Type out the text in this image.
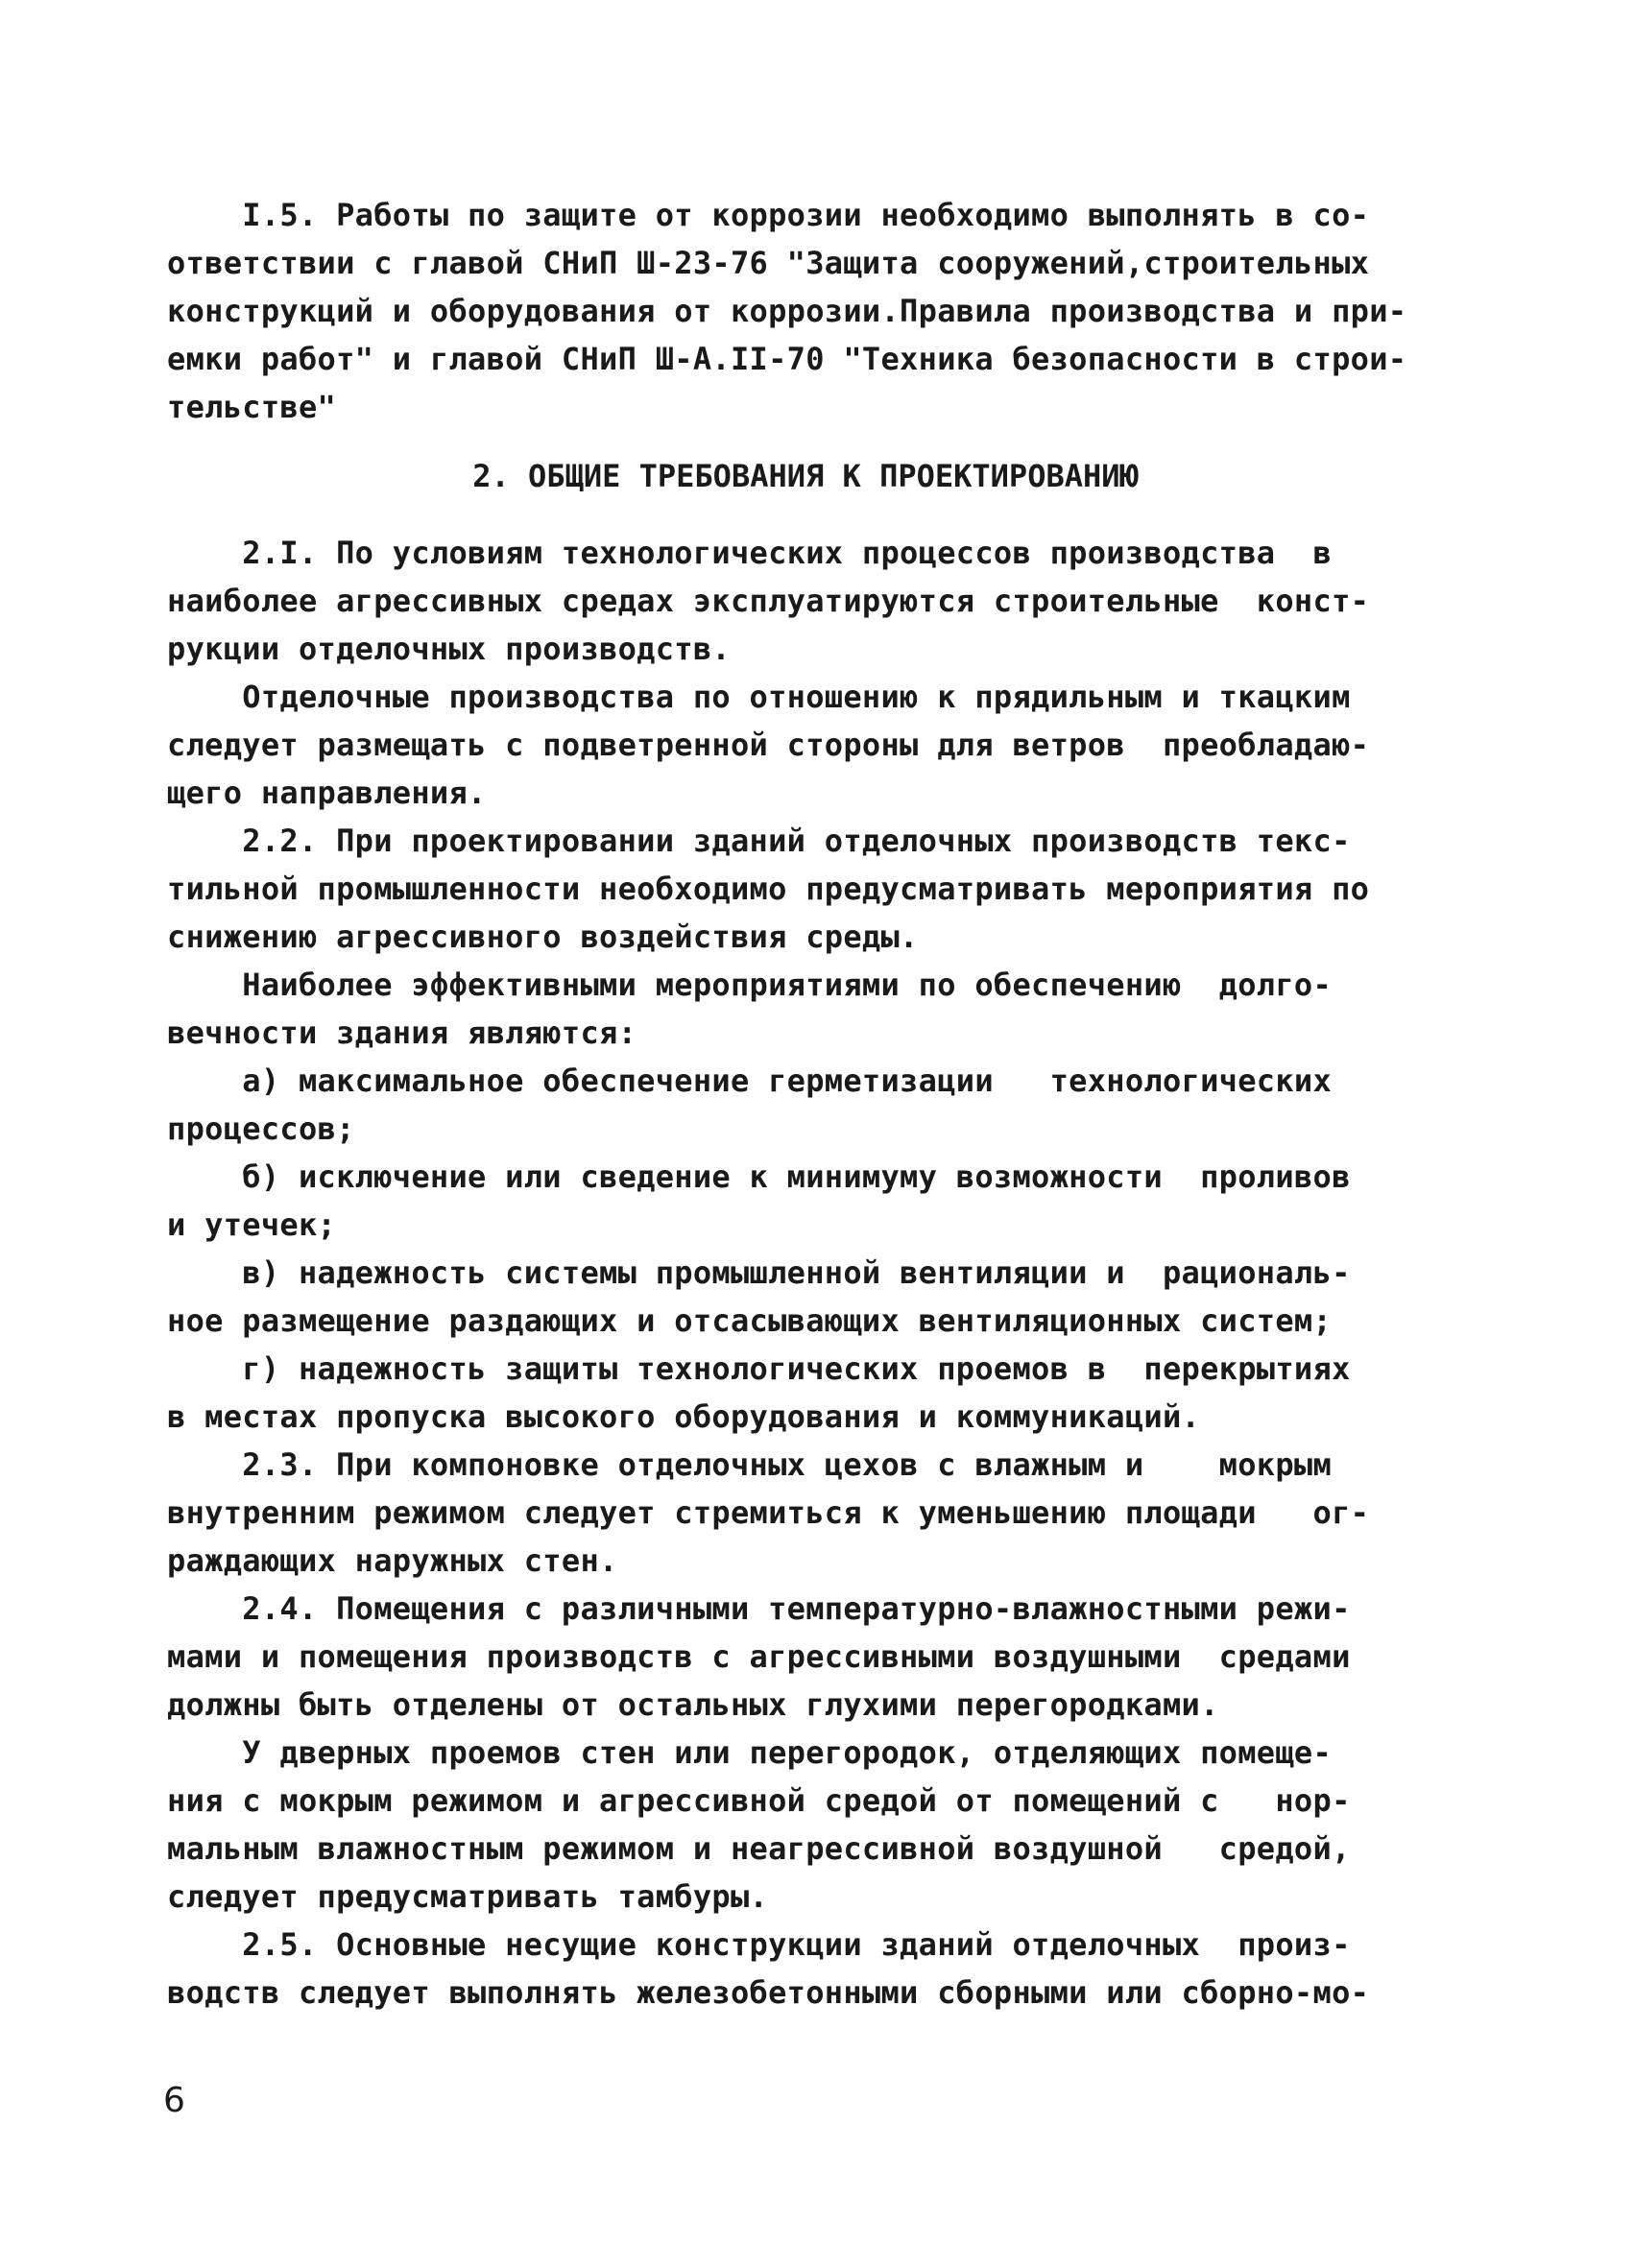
І.5. Работы по защите от коррозии необходимо выполнять в со-
ответствии с главой СНиП Ш-23-76 "Защита сооружений,строительных
конструкций и оборудования от коррозии.Правила производства и при-
емки работ" и главой СНиП Ш-А.ІІ-70 "Техника безопасности в строи-
тельстве"
2. ОБЩИЕ ТРЕБОВАНИЯ К ПРОЕКТИРОВАНИЮ
2.І. По условиям технологических процессов производства  в
наиболее агрессивных средах эксплуатируются строительные  конст-
рукции отделочных производств.
Отделочные производства по отношению к прядильным и ткацким
следует размещать с подветренной стороны для ветров  преобладаю-
щего направления.
2.2. При проектировании зданий отделочных производств текс-
тильной промышленности необходимо предусматривать мероприятия по
снижению агрессивного воздействия среды.
Наиболее эффективными мероприятиями по обеспечению  долго-
вечности здания являются:
а) максимальное обеспечение герметизации   технологических
процессов;
б) исключение или сведение к минимуму возможности  проливов
и утечек;
в) надежность системы промышленной вентиляции и  рациональ-
ное размещение раздающих и отсасывающих вентиляционных систем;
г) надежность защиты технологических проемов в  перекрытиях
в местах пропуска высокого оборудования и коммуникаций.
2.3. При компоновке отделочных цехов с влажным и    мокрым
внутренним режимом следует стремиться к уменьшению площади   ог-
раждающих наружных стен.
2.4. Помещения с различными температурно-влажностными режи-
мами и помещения производств с агрессивными воздушными  средами
должны быть отделены от остальных глухими перегородками.
У дверных проемов стен или перегородок, отделяющих помеще-
ния с мокрым режимом и агрессивной средой от помещений с   нор-
мальным влажностным режимом и неагрессивной воздушной   средой,
следует предусматривать тамбуры.
2.5. Основные несущие конструкции зданий отделочных  произ-
водств следует выполнять железобетонными сборными или сборно-мо-
6
